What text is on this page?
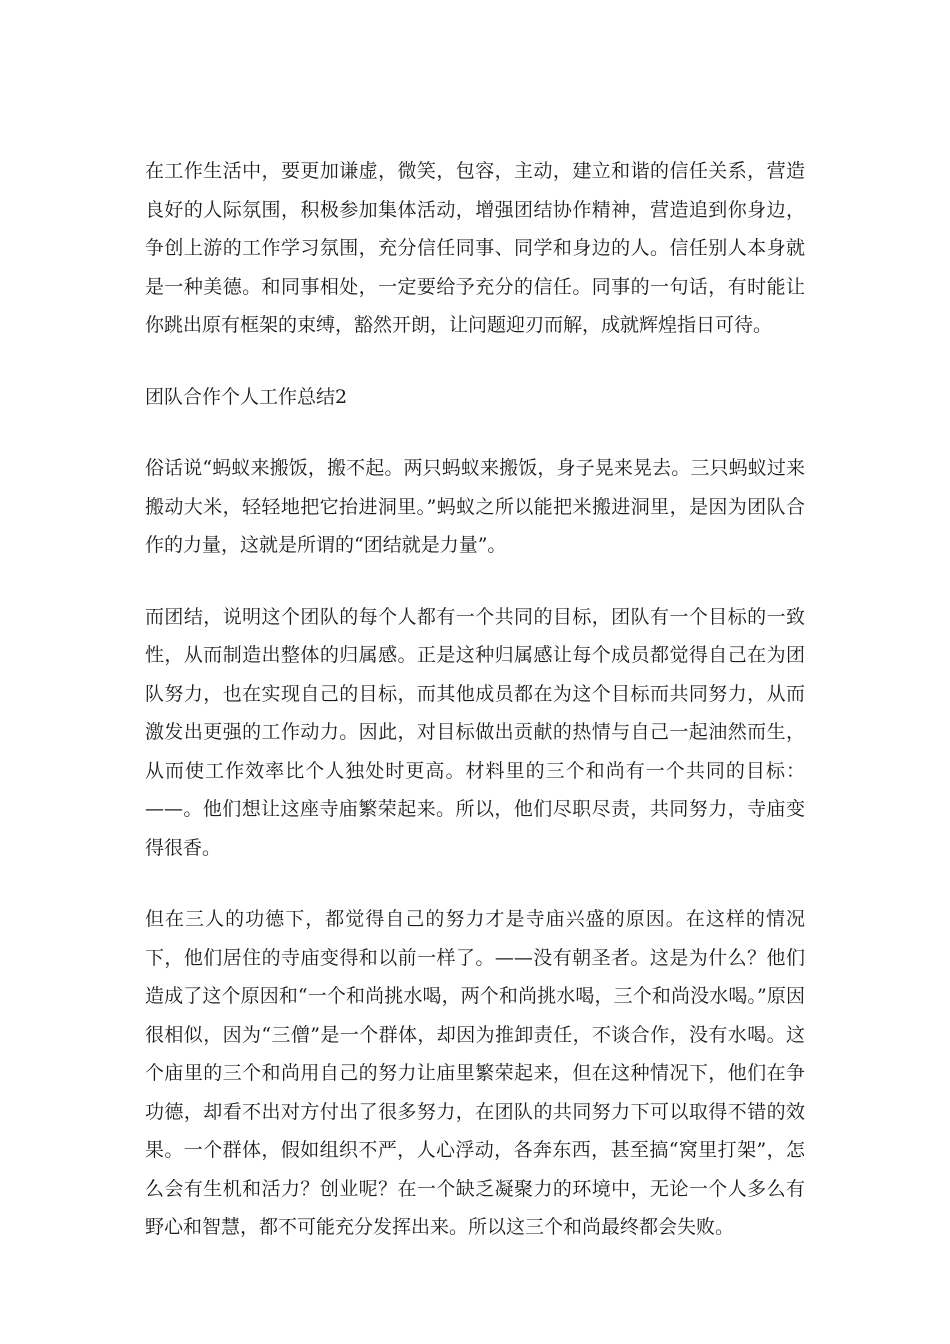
在工作生活中，要更加谦虚，微笑，包容，主动，建立和谐的信任关系，营造良好的人际氛围，积极参加集体活动，增强团结协作精神，营造追到你身边，争创上游的工作学习氛围，充分信任同事、同学和身边的人。信任别人本身就是一种美德。和同事相处，一定要给予充分的信任。同事的一句话，有时能让你跳出原有框架的束缚，豁然开朗，让问题迎刃而解，成就辉煌指日可待。

团队合作个人工作总结2

俗话说“蚂蚁来搬饭，搬不起。两只蚂蚁来搬饭，身子晃来晃去。三只蚂蚁过来搬动大米，轻轻地把它抬进洞里。”蚂蚁之所以能把米搬进洞里，是因为团队合作的力量，这就是所谓的“团结就是力量”。

而团结，说明这个团队的每个人都有一个共同的目标，团队有一个目标的一致性，从而制造出整体的归属感。正是这种归属感让每个成员都觉得自己在为团队努力，也在实现自己的目标，而其他成员都在为这个目标而共同努力，从而激发出更强的工作动力。因此，对目标做出贡献的热情与自己一起油然而生，从而使工作效率比个人独处时更高。材料里的三个和尚有一个共同的目标：——。他们想让这座寺庙繁荣起来。所以，他们尽职尽责，共同努力，寺庙变得很香。

但在三人的功德下，都觉得自己的努力才是寺庙兴盛的原因。在这样的情况下，他们居住的寺庙变得和以前一样了。——没有朝圣者。这是为什么？他们造成了这个原因和“一个和尚挑水喝，两个和尚挑水喝，三个和尚没水喝。”原因很相似，因为“三僧”是一个群体，却因为推卸责任，不谈合作，没有水喝。这个庙里的三个和尚用自己的努力让庙里繁荣起来，但在这种情况下，他们在争功德，却看不出对方付出了很多努力，在团队的共同努力下可以取得不错的效果。一个群体，假如组织不严，人心浮动，各奔东西，甚至搞“窝里打架”，怎么会有生机和活力？创业呢？在一个缺乏凝聚力的环境中，无论一个人多么有野心和智慧，都不可能充分发挥出来。所以这三个和尚最终都会失败。
